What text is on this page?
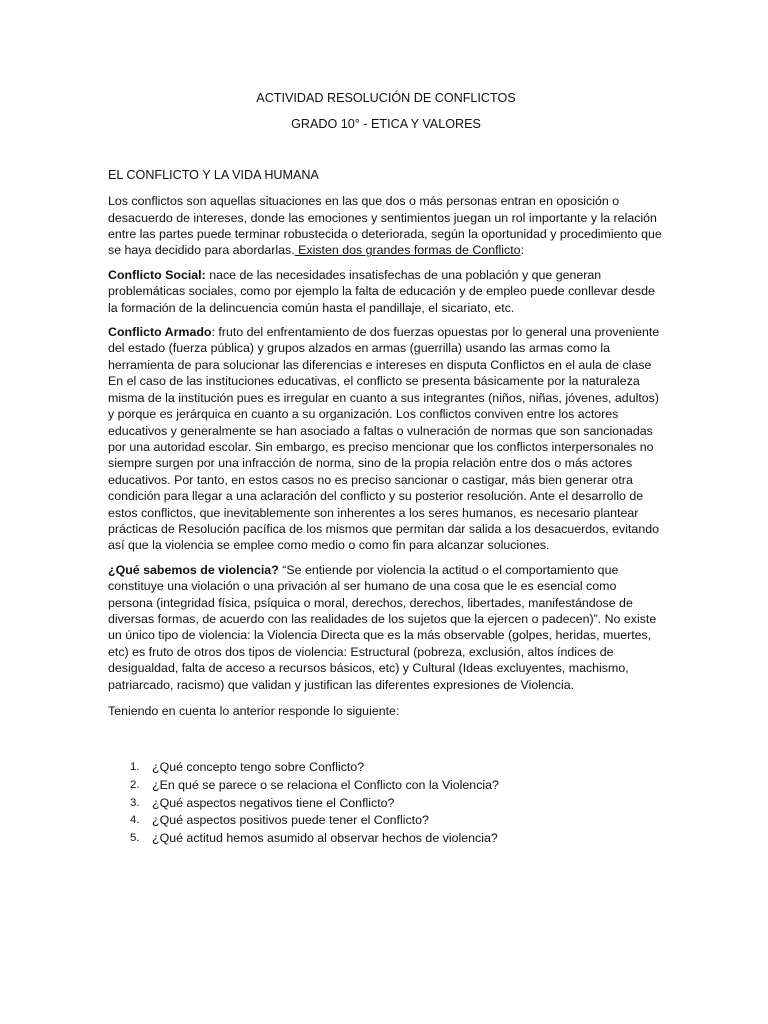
ACTIVIDAD RESOLUCIÓN DE CONFLICTOS
GRADO 10° - ETICA Y VALORES
EL CONFLICTO Y LA VIDA HUMANA

Los conflictos son aquellas situaciones en las que dos o más personas entran en oposición o desacuerdo de intereses, donde las emociones y sentimientos juegan un rol importante y la relación entre las partes puede terminar robustecida o deteriorada, según la oportunidad y procedimiento que se haya decidido para abordarlas. Existen dos grandes formas de Conflicto:

Conflicto Social: nace de las necesidades insatisfechas de una población y que generan problemáticas sociales, como por ejemplo la falta de educación y de empleo puede conllevar desde la formación de la delincuencia común hasta el pandillaje, el sicariato, etc.

Conflicto Armado: fruto del enfrentamiento de dos fuerzas opuestas por lo general una proveniente del estado (fuerza pública) y grupos alzados en armas (guerrilla) usando las armas como la herramienta de para solucionar las diferencias e intereses en disputa Conflictos en el aula de clase En el caso de las instituciones educativas, el conflicto se presenta básicamente por la naturaleza misma de la institución pues es irregular en cuanto a sus integrantes (niños, niñas, jóvenes, adultos) y porque es jerárquica en cuanto a su organización. Los conflictos conviven entre los actores educativos y generalmente se han asociado a faltas o vulneración de normas que son sancionadas por una autoridad escolar. Sin embargo, es preciso mencionar que los conflictos interpersonales no siempre surgen por una infracción de norma, sino de la propia relación entre dos o más actores educativos. Por tanto, en estos casos no es preciso sancionar o castigar, más bien generar otra condición para llegar a una aclaración del conflicto y su posterior resolución. Ante el desarrollo de estos conflictos, que inevitablemente son inherentes a los seres humanos, es necesario plantear prácticas de Resolución pacífica de los mismos que permitan dar salida a los desacuerdos, evitando así que la violencia se emplee como medio o como fin para alcanzar soluciones.

¿Qué sabemos de violencia? “Se entiende por violencia la actitud o el comportamiento que constituye una violación o una privación al ser humano de una cosa que le es esencial como persona (integridad física, psíquica o moral, derechos, derechos, libertades, manifestándose de diversas formas, de acuerdo con las realidades de los sujetos que la ejercen o padecen)”. No existe un único tipo de violencia: la Violencia Directa que es la más observable (golpes, heridas, muertes, etc) es fruto de otros dos tipos de violencia: Estructural (pobreza, exclusión, altos índices de desigualdad, falta de acceso a recursos básicos, etc) y Cultural (Ideas excluyentes, machismo, patriarcado, racismo) que validan y justifican las diferentes expresiones de Violencia.

Teniendo en cuenta lo anterior responde lo siguiente:

1. ¿Qué concepto tengo sobre Conflicto?
2. ¿En qué se parece o se relaciona el Conflicto con la Violencia?
3. ¿Qué aspectos negativos tiene el Conflicto?
4. ¿Qué aspectos positivos puede tener el Conflicto?
5. ¿Qué actitud hemos asumido al observar hechos de violencia?
